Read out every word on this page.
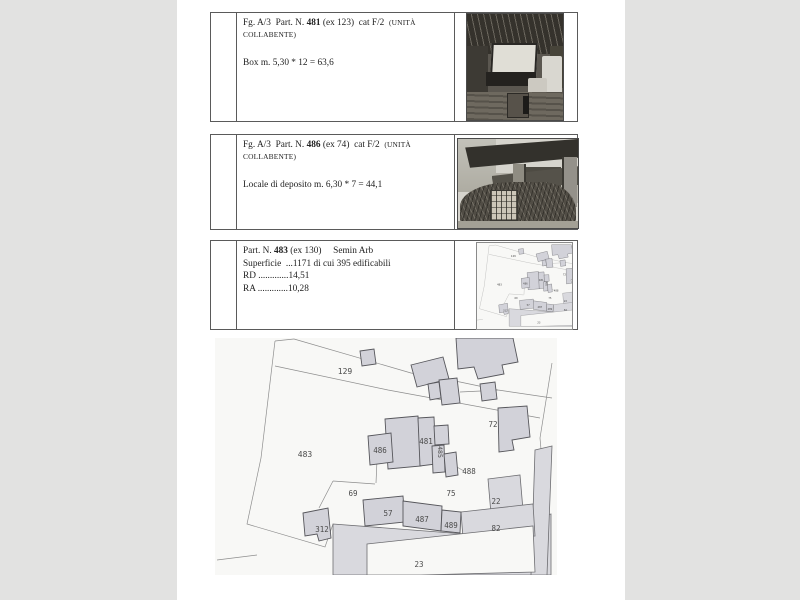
Fg. A/3 Part. N. 481 (ex 123) cat F/2 (UNITÀ COLLABENTE)
Box m. 5,30 * 12 = 63,6
Fg. A/3 Part. N. 486 (ex 74) cat F/2 (UNITÀ COLLABENTE)
Locale di deposito m. 6,30 * 7 = 44,1
Part. N. 483 (ex 130) Semin Arb
Superficie ...1171 di cui 395 edificabili
RD .............14,51
RA .............10,28
129
483	486
481
485
488
72
69	75
22
57
487
489 82
312
23
129
483	486
481
485
488
72
69	75
22
57
487
489	82
312
23
